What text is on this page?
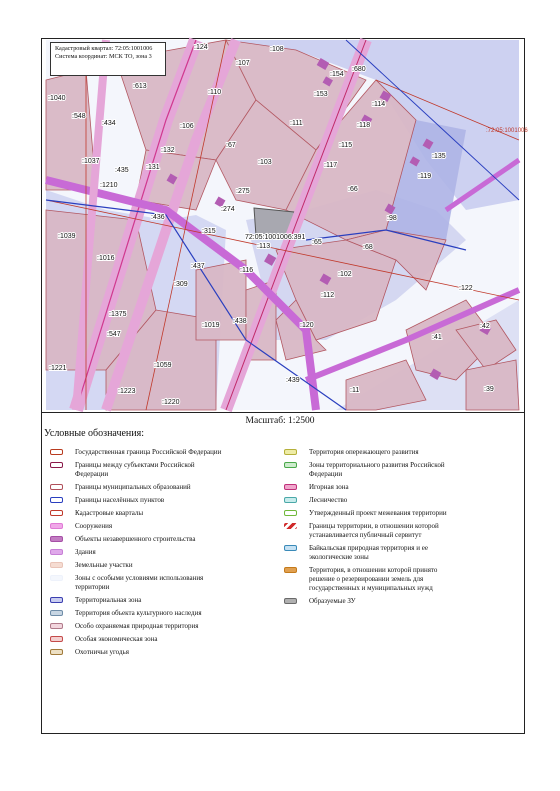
:124	:108
:107
:680
:154
:613
:110	:153
:1040
:548
:434
:114
:106	:111	:118
:72:05:1001006
:132
:67	:115
:135
:1037
:435 :131
:103	:117
:119
:1210
:275	:66
:436
:274
:98
:1039
:315
72:05:1001006:391
:113
:65
:68
:1016
:437
:116
:102
:309
:122
:112
:1375
:1019
:438
:120	:42
:547	:41
:1059
:1221
:439
:11	:39
:1223
:1220
Кадастровый квартал: 72:05:1001006
Система координат: МСК ТО, зона 3
Масштаб: 1:2500
Условные обозначения:
Государственная граница Российской Федерации
Границы между субъектами Российской Федерации
Границы муниципальных образований
Границы населённых пунктов
Кадастровые кварталы
Сооружения
Объекты незавершенного строительства
Здания
Земельные участки
Зоны с особыми условиями использования территории
Территориальная зона
Территория объекта культурного наследия
Особо охраняемая природная территория
Особая экономическая зона
Охотничьи угодья
Территория опережающего развития
Зоны территориального развития Российской Федерации
Игорная зона
Лесничество
Утвержденный проект межевания территории
Границы территории, в отношении которой устанавливается публичный сервитут
Байкальская природная территория и ее экологические зоны
Территория, в отношении которой принято решение о резервировании земель для государственных и муниципальных нужд
Образуемые ЗУ
